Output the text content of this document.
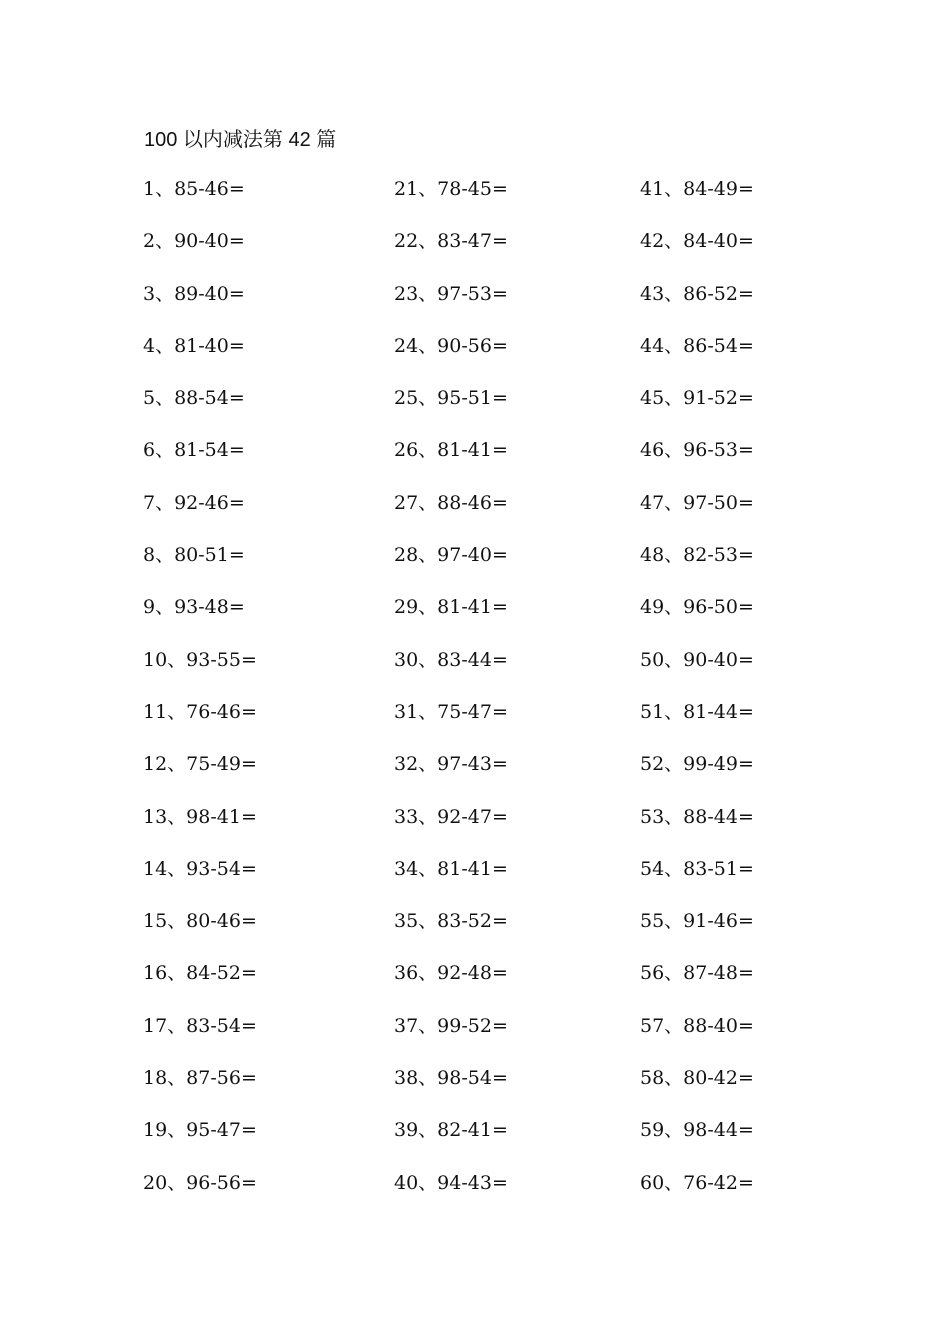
100 以内减法第 42 篇
1、85-46=
2、90-40=
3、89-40=
4、81-40=
5、88-54=
6、81-54=
7、92-46=
8、80-51=
9、93-48=
10、93-55=
11、76-46=
12、75-49=
13、98-41=
14、93-54=
15、80-46=
16、84-52=
17、83-54=
18、87-56=
19、95-47=
20、96-56=
21、78-45=
22、83-47=
23、97-53=
24、90-56=
25、95-51=
26、81-41=
27、88-46=
28、97-40=
29、81-41=
30、83-44=
31、75-47=
32、97-43=
33、92-47=
34、81-41=
35、83-52=
36、92-48=
37、99-52=
38、98-54=
39、82-41=
40、94-43=
41、84-49=
42、84-40=
43、86-52=
44、86-54=
45、91-52=
46、96-53=
47、97-50=
48、82-53=
49、96-50=
50、90-40=
51、81-44=
52、99-49=
53、88-44=
54、83-51=
55、91-46=
56、87-48=
57、88-40=
58、80-42=
59、98-44=
60、76-42=
